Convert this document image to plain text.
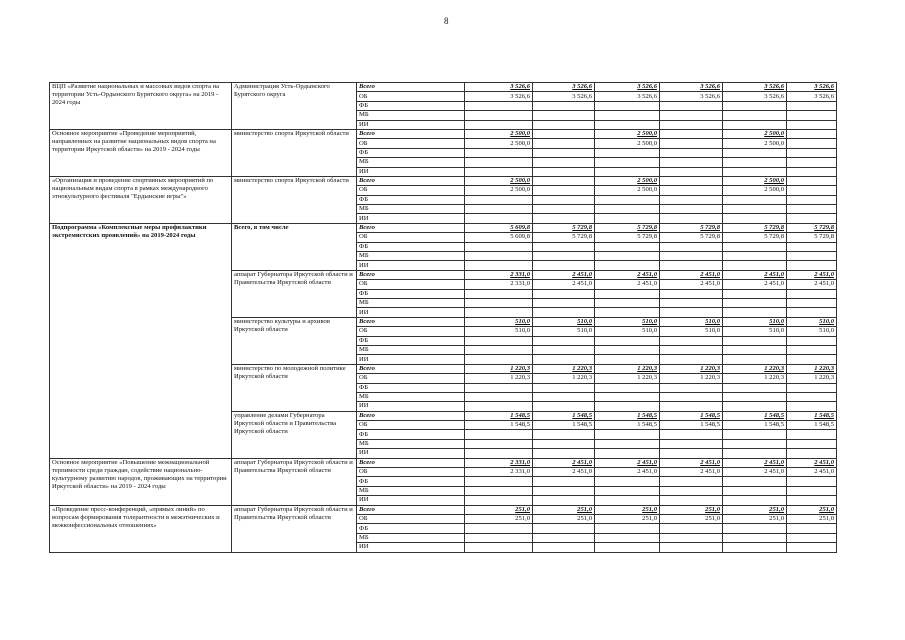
8
ВЦП «Развитие национальных и массовых видов спорта на территории Усть-Ордынского Бурятского округа» на 2019 - 2024 годы	Администрация Усть-Ордынского Бурятского округа	Всего	3 526,6	3 526,6	3 526,6	3 526,6	3 526,6	3 526,6
		ОБ	3 526,6	3 526,6	3 526,6	3 526,6	3 526,6	3 526,6
		ФБ						
		МБ						
		ИИ						
Основное мероприятие «Проведение мероприятий, направленных на развитие национальных видов спорта на территории Иркутской области» на 2019 - 2024 годы	министерство спорта Иркутской области	Всего	2 500,0		2 500,0		2 500,0	
		ОБ	2 500,0		2 500,0		2 500,0	
		ФБ						
		МБ						
		ИИ						
«Организация и проведение спортивных мероприятий по национальным видам спорта в рамках международного этнокультурного фестиваля "Ердынские игры"»	министерство спорта Иркутской области	Всего	2 500,0		2 500,0		2 500,0	
		ОБ	2 500,0		2 500,0		2 500,0	
		ФБ						
		МБ						
		ИИ						
Подпрограмма «Комплексные меры профилактики экстремистских проявлений» на 2019-2024 годы	Всего, в том числе	Всего	5 609,8	5 729,8	5 729,8	5 729,8	5 729,8	5 729,8
		ОБ	5 609,8	5 729,8	5 729,8	5 729,8	5 729,8	5 729,8
		ФБ						
		МБ						
		ИИ						
	аппарат Губернатора Иркутской области и Правительства Иркутской области	Всего	2 331,0	2 451,0	2 451,0	2 451,0	2 451,0	2 451,0
		ОБ	2 331,0	2 451,0	2 451,0	2 451,0	2 451,0	2 451,0
		ФБ						
		МБ						
		ИИ						
	министерство культуры и архивов Иркутской области	Всего	510,0	510,0	510,0	510,0	510,0	510,0
		ОБ	510,0	510,0	510,0	510,0	510,0	510,0
		ФБ						
		МБ						
		ИИ						
	министерство по молодежной политике Иркутской области	Всего	1 220,3	1 220,3	1 220,3	1 220,3	1 220,3	1 220,3
		ОБ	1 220,3	1 220,3	1 220,3	1 220,3	1 220,3	1 220,3
		ФБ						
		МБ						
		ИИ						
	управление делами Губернатора Иркутской области и Правительства Иркутской области	Всего	1 548,5	1 548,5	1 548,5	1 548,5	1 548,5	1 548,5
		ОБ	1 548,5	1 548,5	1 548,5	1 548,5	1 548,5	1 548,5
		ФБ						
		МБ						
		ИИ						
Основное мероприятие «Повышение межнациональной терпимости среди граждан, содействие национально-культурному развитию народов, проживающих на территории Иркутской области» на 2019 - 2024 годы	аппарат Губернатора Иркутской области и Правительства Иркутской области	Всего	2 331,0	2 451,0	2 451,0	2 451,0	2 451,0	2 451,0
		ОБ	2 331,0	2 451,0	2 451,0	2 451,0	2 451,0	2 451,0
		ФБ						
		МБ						
		ИИ						
«Проведение пресс-конференций, «прямых линий» по вопросам формирования толерантности в межэтнических и межконфессиональных отношениях»	аппарат Губернатора Иркутской области и Правительства Иркутской области	Всего	251,0	251,0	251,0	251,0	251,0	251,0
		ОБ	251,0	251,0	251,0	251,0	251,0	251,0
		ФБ						
		МБ						
		ИИ						
